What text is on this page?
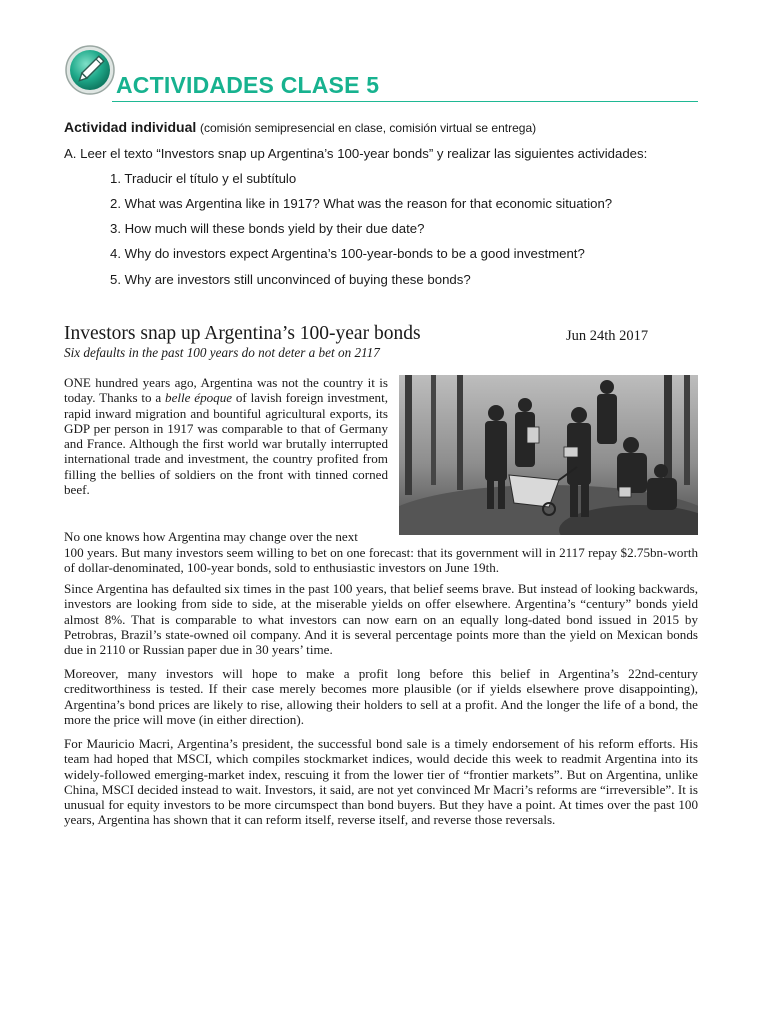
ACTIVIDADES CLASE 5
Actividad individual (comisión semipresencial en clase, comisión virtual se entrega)
A. Leer el texto “Investors snap up Argentina’s 100-year bonds” y realizar las siguientes actividades:
1. Traducir el título y el subtítulo
2. What was Argentina like in 1917? What was the reason for that economic situation?
3. How much will these bonds yield by their due date?
4. Why do investors expect Argentina’s 100-year-bonds to be a good investment?
5. Why are investors still unconvinced of buying these bonds?
Investors snap up Argentina’s 100-year bonds	Jun 24th 2017
Six defaults in the past 100 years do not deter a bet on 2117

ONE hundred years ago, Argentina was not the country it is today. Thanks to a belle époque of lavish foreign investment, rapid inward migration and bountiful agricultural exports, its GDP per person in 1917 was comparable to that of Germany and France. Although the first world war brutally interrupted international trade and investment, the country profited from filling the bellies of soldiers on the front with tinned corned beef.

No one knows how Argentina may change over the next

100 years. But many investors seem willing to bet on one forecast: that its government will in 2117 repay $2.75bn-worth of dollar-denominated, 100-year bonds, sold to enthusiastic investors on June 19th.

Since Argentina has defaulted six times in the past 100 years, that belief seems brave. But instead of looking backwards, investors are looking from side to side, at the miserable yields on offer elsewhere. Argentina’s “century” bonds yield almost 8%. That is comparable to what investors can now earn on an equally long-dated bond issued in 2015 by Petrobras, Brazil’s state-owned oil company. And it is several percentage points more than the yield on Mexican bonds due in 2110 or Russian paper due in 30 years’ time.

Moreover, many investors will hope to make a profit long before this belief in Argentina’s 22nd-century creditworthiness is tested. If their case merely becomes more plausible (or if yields elsewhere prove disappointing), Argentina’s bond prices are likely to rise, allowing their holders to sell at a profit. And the longer the life of a bond, the more the price will move (in either direction).

For Mauricio Macri, Argentina’s president, the successful bond sale is a timely endorsement of his reform efforts. His team had hoped that MSCI, which compiles stockmarket indices, would decide this week to readmit Argentina into its widely-followed emerging-market index, rescuing it from the lower tier of “frontier markets”. But on Argentina, unlike China, MSCI decided instead to wait. Investors, it said, are not yet convinced Mr Macri’s reforms are “irreversible”. It is unusual for equity investors to be more circumspect than bond buyers. But they have a point. At times over the past 100 years, Argentina has shown that it can reform itself, reverse itself, and reverse those reversals.
